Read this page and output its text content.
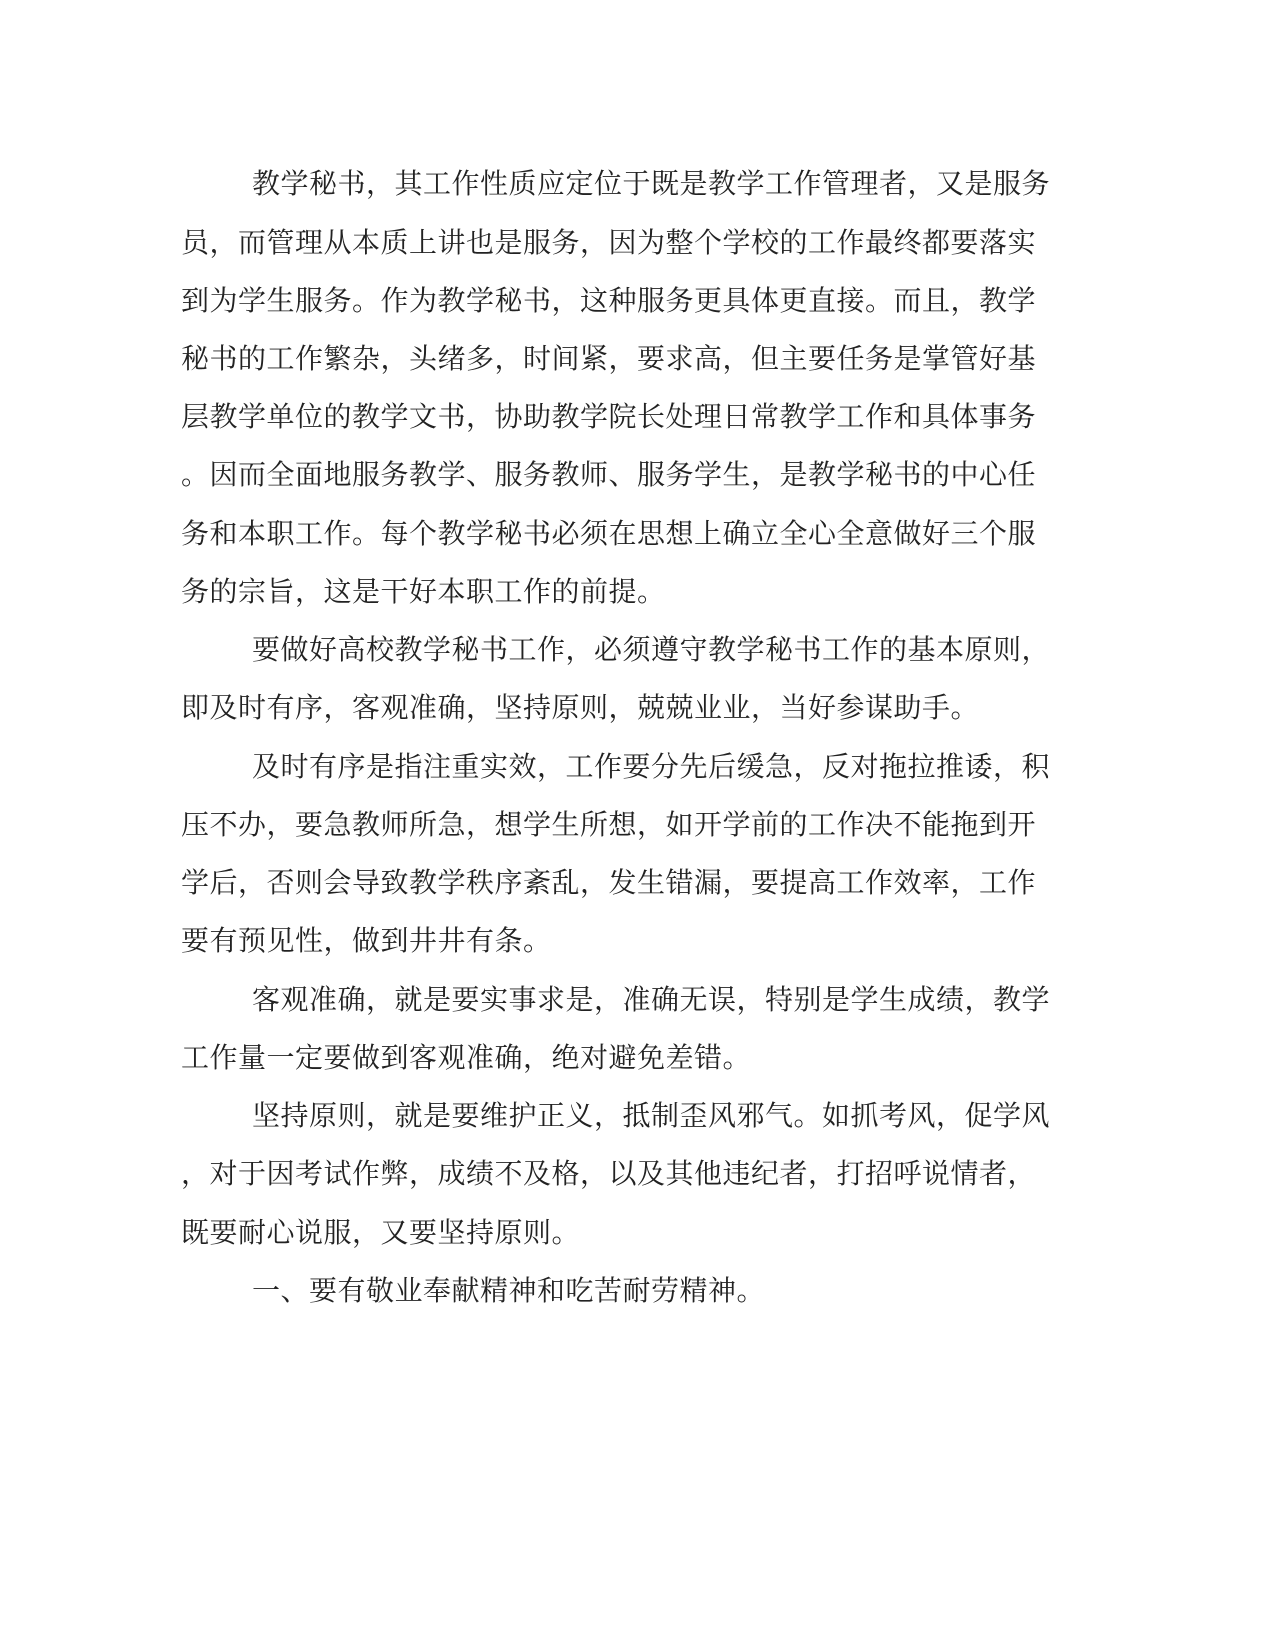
教学秘书，其工作性质应定位于既是教学工作管理者，又是服务
员，而管理从本质上讲也是服务，因为整个学校的工作最终都要落实
到为学生服务。作为教学秘书，这种服务更具体更直接。而且，教学
秘书的工作繁杂，头绪多，时间紧，要求高，但主要任务是掌管好基
层教学单位的教学文书，协助教学院长处理日常教学工作和具体事务
。因而全面地服务教学、服务教师、服务学生，是教学秘书的中心任
务和本职工作。每个教学秘书必须在思想上确立全心全意做好三个服
务的宗旨，这是干好本职工作的前提。
要做好高校教学秘书工作，必须遵守教学秘书工作的基本原则，
即及时有序，客观准确，坚持原则，兢兢业业，当好参谋助手。
及时有序是指注重实效，工作要分先后缓急，反对拖拉推诿，积
压不办，要急教师所急，想学生所想，如开学前的工作决不能拖到开
学后，否则会导致教学秩序紊乱，发生错漏，要提高工作效率，工作
要有预见性，做到井井有条。
客观准确，就是要实事求是，准确无误，特别是学生成绩，教学
工作量一定要做到客观准确，绝对避免差错。
坚持原则，就是要维护正义，抵制歪风邪气。如抓考风，促学风
，对于因考试作弊，成绩不及格，以及其他违纪者，打招呼说情者，
既要耐心说服，又要坚持原则。
一、要有敬业奉献精神和吃苦耐劳精神。
